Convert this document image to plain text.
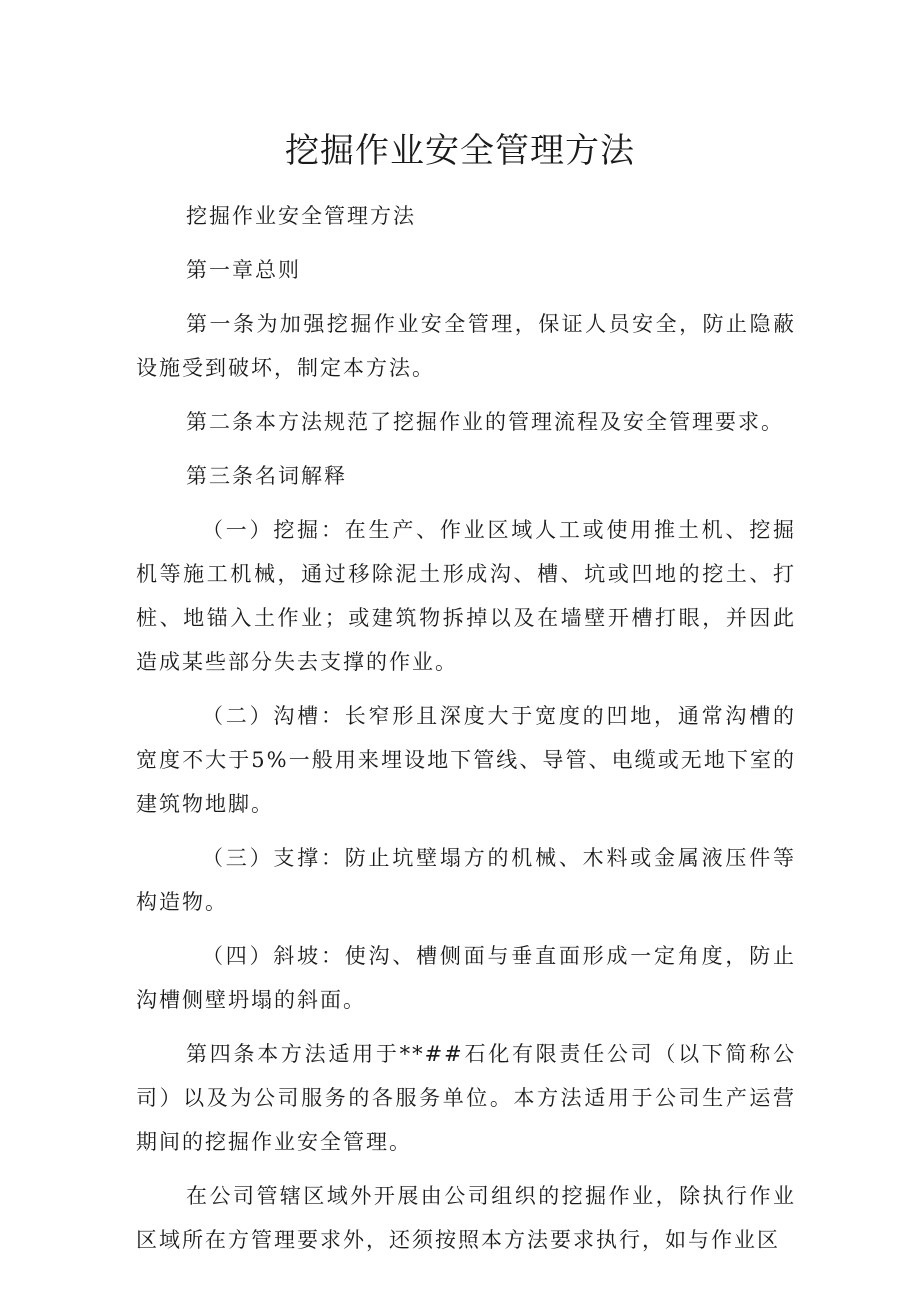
挖掘作业安全管理方法

挖掘作业安全管理方法

第一章总则

第一条为加强挖掘作业安全管理，保证人员安全，防止隐蔽设施受到破坏，制定本方法。

第二条本方法规范了挖掘作业的管理流程及安全管理要求。

第三条名词解释

（一）挖掘：在生产、作业区域人工或使用推土机、挖掘机等施工机械，通过移除泥土形成沟、槽、坑或凹地的挖土、打桩、地锚入土作业；或建筑物拆掉以及在墙壁开槽打眼，并因此造成某些部分失去支撑的作业。

（二）沟槽：长窄形且深度大于宽度的凹地，通常沟槽的宽度不大于5%一般用来埋设地下管线、导管、电缆或无地下室的建筑物地脚。

（三）支撑：防止坑壁塌方的机械、木料或金属液压件等构造物。

（四）斜坡：使沟、槽侧面与垂直面形成一定角度，防止沟槽侧壁坍塌的斜面。

第四条本方法适用于**##石化有限责任公司（以下简称公司）以及为公司服务的各服务单位。本方法适用于公司生产运营期间的挖掘作业安全管理。

在公司管辖区域外开展由公司组织的挖掘作业，除执行作业区域所在方管理要求外，还须按照本方法要求执行，如与作业区
